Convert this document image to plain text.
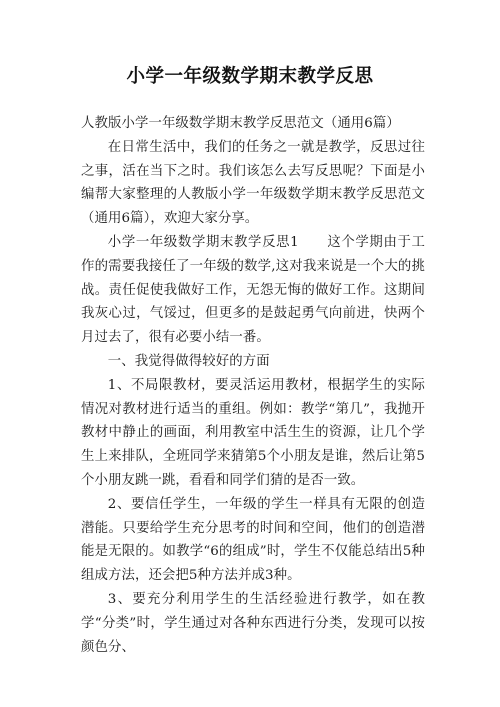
小学一年级数学期末教学反思

人教版小学一年级数学期末教学反思范文（通用6篇）

在日常生活中，我们的任务之一就是教学，反思过往之事，活在当下之时。我们该怎么去写反思呢？下面是小编帮大家整理的人教版小学一年级数学期末教学反思范文（通用6篇），欢迎大家分享。

小学一年级数学期末教学反思1　　这个学期由于工作的需要我接任了一年级的数学,这对我来说是一个大的挑战。责任促使我做好工作，无怨无悔的做好工作。这期间我灰心过，气馁过，但更多的是鼓起勇气向前进，快两个月过去了，很有必要小结一番。

一、我觉得做得较好的方面

1、不局限教材，要灵活运用教材，根据学生的实际情况对教材进行适当的重组。例如：教学“第几”，我抛开教材中静止的画面，利用教室中活生生的资源，让几个学生上来排队，全班同学来猜第5个小朋友是谁，然后让第5个小朋友跳一跳，看看和同学们猜的是否一致。

2、要信任学生，一年级的学生一样具有无限的创造潜能。只要给学生充分思考的时间和空间，他们的创造潜能是无限的。如教学“6的组成”时，学生不仅能总结出5种组成方法，还会把5种方法并成3种。

3、要充分利用学生的生活经验进行教学，如在教学“分类”时，学生通过对各种东西进行分类，发现可以按颜色分、
